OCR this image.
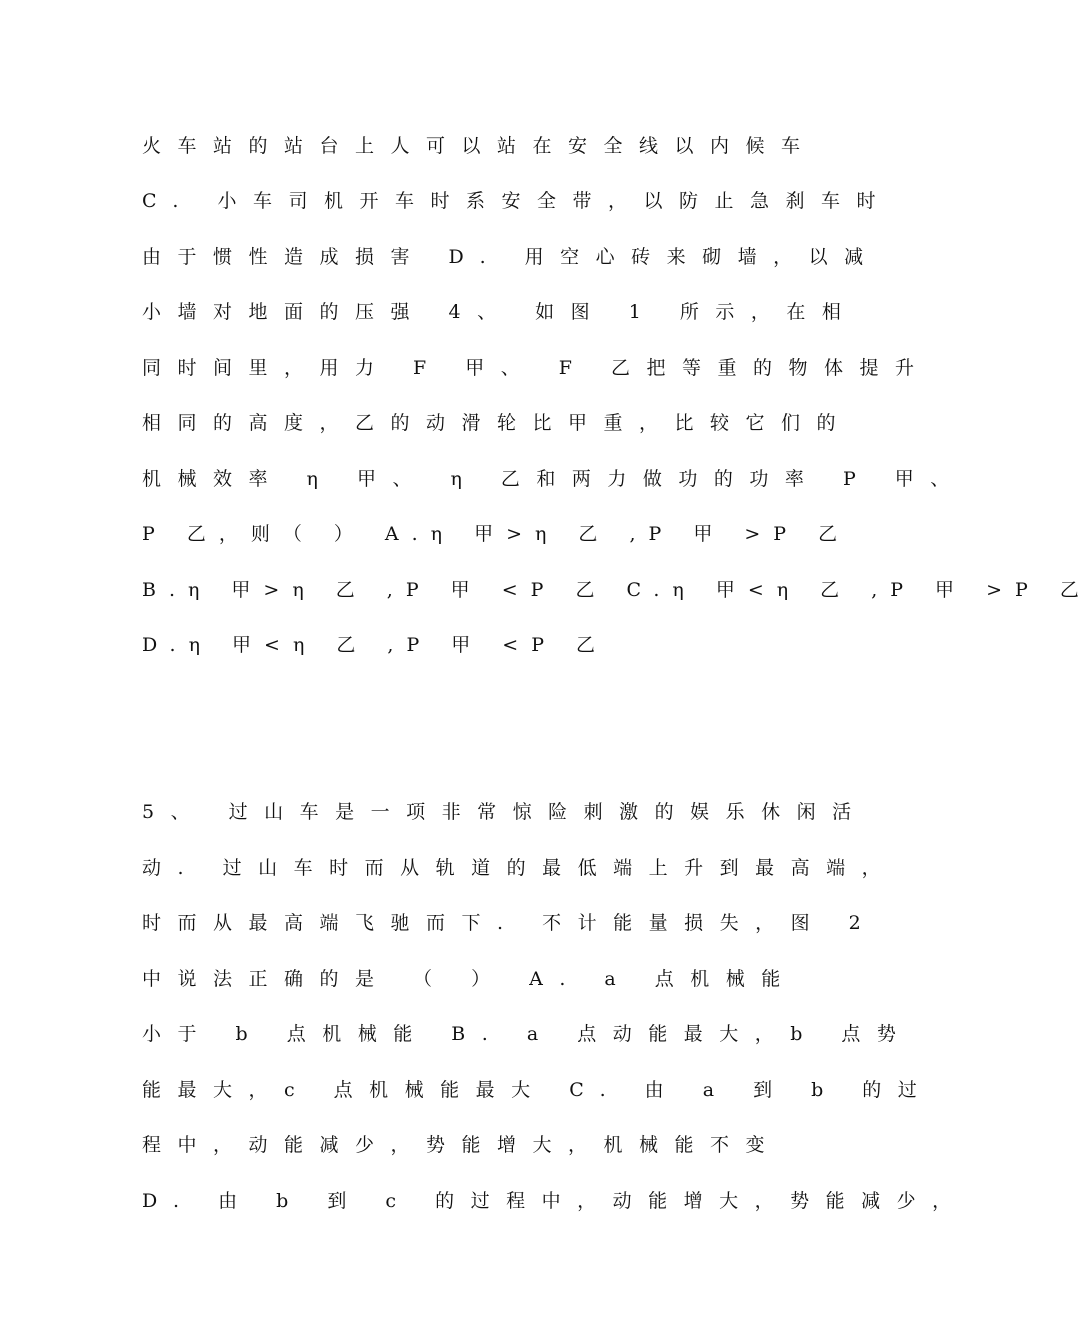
火车站的站台上人可以站在安全线以内候车
C. 小车司机开车时系安全带，以防止急刹车时
由于惯性造成损害 D. 用空心砖来砌墙，以减
小墙对地面的压强 4、 如图 1 所示，在相
同时间里，用力 F 甲、 F 乙把等重的物体提升
相同的高度，乙的动滑轮比甲重，比较它们的
机械效率 η 甲、 η 乙和两力做功的功率 P 甲、
P 乙，则（ ） A.η 甲>η 乙 ,P 甲 >P 乙
B.η 甲>η 乙 ,P 甲 <P 乙 C.η 甲<η 乙 ,P 甲 >P 乙
D.η 甲<η 乙 ,P 甲 <P 乙
5、 过山车是一项非常惊险刺激的娱乐休闲活
动. 过山车时而从轨道的最低端上升到最高端，
时而从最高端飞驰而下. 不计能量损失，图 2
中说法正确的是 （ ） A. a 点机械能
小于 b 点机械能 B. a 点动能最大，b 点势
能最大，c 点机械能最大 C. 由 a 到 b 的过
程中，动能减少，势能增大，机械能不变
D. 由 b 到 c 的过程中，动能增大，势能减少，
